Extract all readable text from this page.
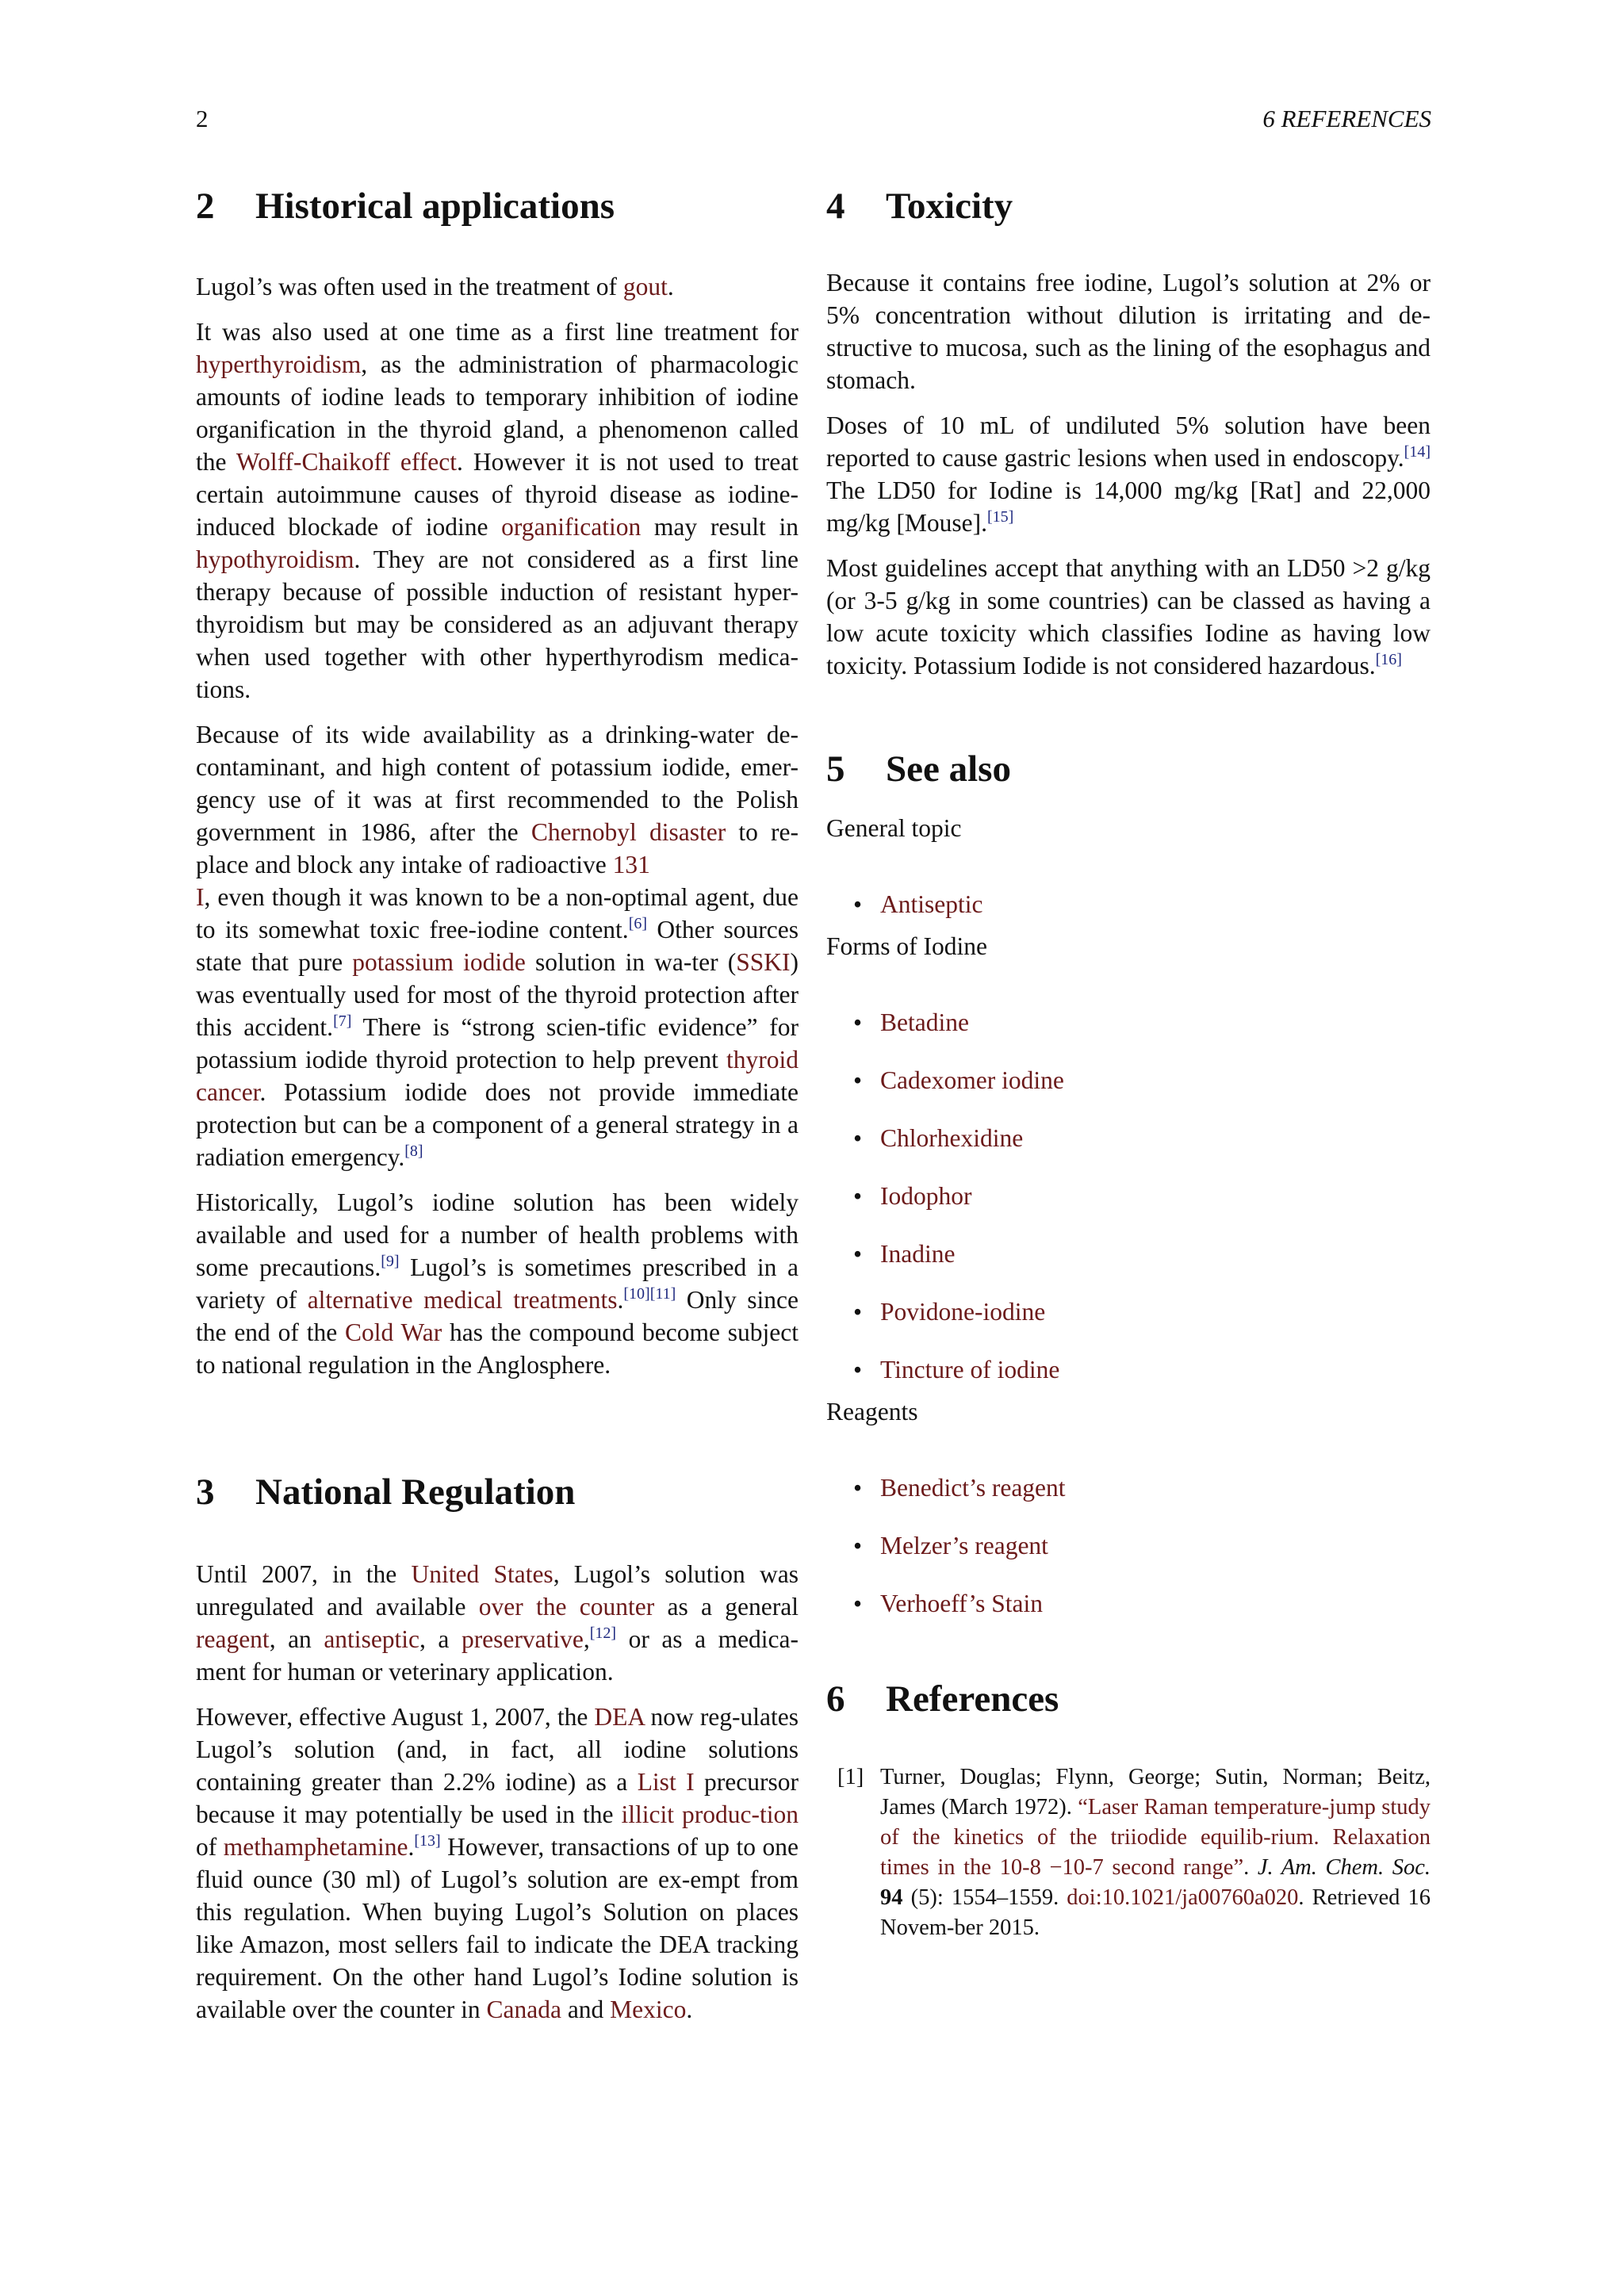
2	6 REFERENCES
2 Historical applications

Lugol’s was often used in the treatment of gout.

It was also used at one time as a first line treatment for hyperthyroidism, as the administration of pharmacologic amounts of iodine leads to temporary inhibition of iodine organification in the thyroid gland, a phenomenon called the Wolff-Chaikoff effect. However it is not used to treat certain autoimmune causes of thyroid disease as iodine-induced blockade of iodine organification may result in hypothyroidism. They are not considered as a first line therapy because of possible induction of resistant hyper-thyroidism but may be considered as an adjuvant therapy when used together with other hyperthyrodism medica-tions.

Because of its wide availability as a drinking-water de-contaminant, and high content of potassium iodide, emer-gency use of it was at first recommended to the Polish government in 1986, after the Chernobyl disaster to re-place and block any intake of radioactive 131
I, even though it was known to be a non-optimal agent, due to its somewhat toxic free-iodine content.[6] Other sources state that pure potassium iodide solution in wa-ter (SSKI) was eventually used for most of the thyroid protection after this accident.[7] There is “strong scien-tific evidence” for potassium iodide thyroid protection to help prevent thyroid cancer. Potassium iodide does not provide immediate protection but can be a component of a general strategy in a radiation emergency.[8]

Historically, Lugol’s iodine solution has been widely available and used for a number of health problems with some precautions.[9] Lugol’s is sometimes prescribed in a variety of alternative medical treatments.[10][11] Only since the end of the Cold War has the compound become subject to national regulation in the Anglosphere.

3 National Regulation

Until 2007, in the United States, Lugol’s solution was unregulated and available over the counter as a general reagent, an antiseptic, a preservative,[12] or as a medica-ment for human or veterinary application.

However, effective August 1, 2007, the DEA now reg-ulates Lugol’s solution (and, in fact, all iodine solutions containing greater than 2.2% iodine) as a List I precursor because it may potentially be used in the illicit produc-tion of methamphetamine.[13] However, transactions of up to one fluid ounce (30 ml) of Lugol’s solution are ex-empt from this regulation. When buying Lugol’s Solution on places like Amazon, most sellers fail to indicate the DEA tracking requirement. On the other hand Lugol’s Iodine solution is available over the counter in Canada and Mexico.

4 Toxicity

Because it contains free iodine, Lugol’s solution at 2% or 5% concentration without dilution is irritating and de-structive to mucosa, such as the lining of the esophagus and stomach.

Doses of 10 mL of undiluted 5% solution have been reported to cause gastric lesions when used in endoscopy.[14] The LD50 for Iodine is 14,000 mg/kg [Rat] and 22,000 mg/kg [Mouse].[15]

Most guidelines accept that anything with an LD50 >2 g/kg (or 3-5 g/kg in some countries) can be classed as having a low acute toxicity which classifies Iodine as having low toxicity. Potassium Iodide is not considered hazardous.[16]

5 See also

General topic

• Antiseptic

Forms of Iodine

• Betadine
• Cadexomer iodine
• Chlorhexidine
• Iodophor
• Inadine
• Povidone-iodine
• Tincture of iodine

Reagents

• Benedict’s reagent
• Melzer’s reagent
• Verhoeff’s Stain
6 References
[1] Turner, Douglas; Flynn, George; Sutin, Norman; Beitz, James (March 1972). “Laser Raman temperature-jump study of the kinetics of the triiodide equilib-rium. Relaxation times in the 10-8 −10-7 second range”. J. Am. Chem. Soc. 94 (5): 1554–1559. doi:10.1021/ja00760a020. Retrieved 16 Novem-ber 2015.
